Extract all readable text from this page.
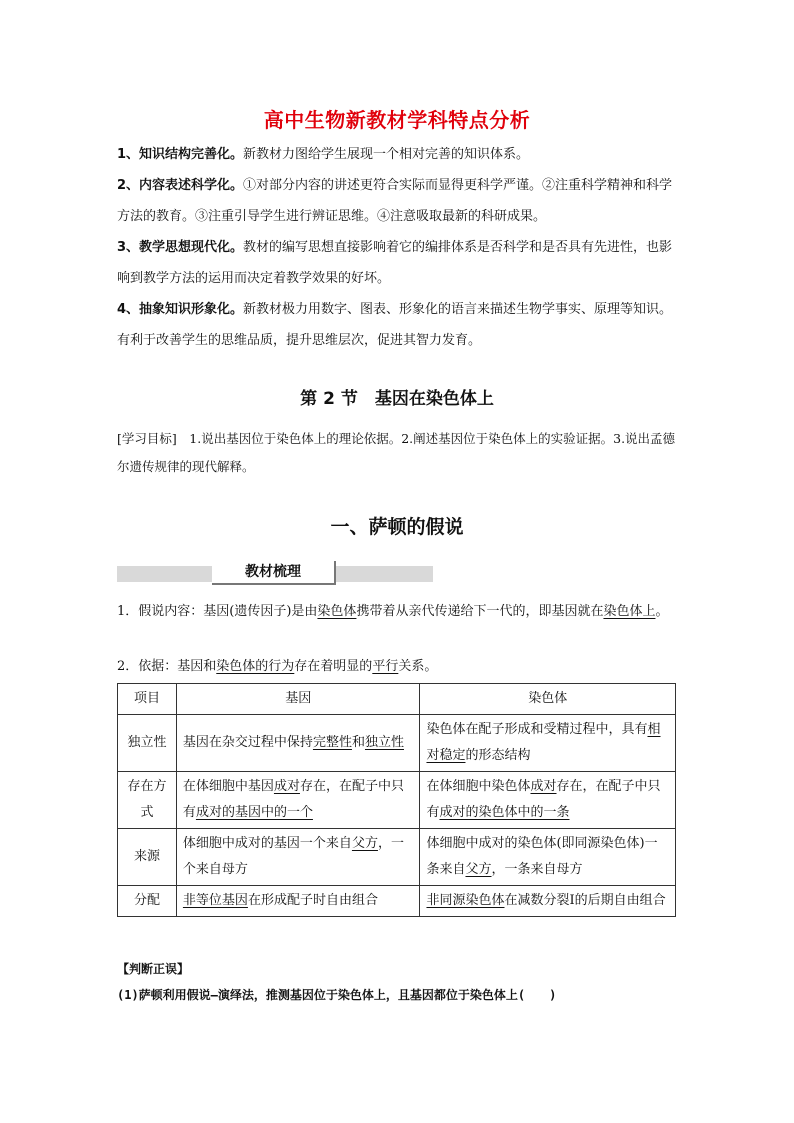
高中生物新教材学科特点分析
1、知识结构完善化。新教材力图给学生展现一个相对完善的知识体系。
2、内容表述科学化。①对部分内容的讲述更符合实际而显得更科学严谨。②注重科学精神和科学方法的教育。③注重引导学生进行辨证思维。④注意吸取最新的科研成果。
3、教学思想现代化。教材的编写思想直接影响着它的编排体系是否科学和是否具有先进性，也影响到教学方法的运用而决定着教学效果的好坏。
4、抽象知识形象化。新教材极力用数字、图表、形象化的语言来描述生物学事实、原理等知识。有利于改善学生的思维品质，提升思维层次，促进其智力发育。
第 2 节　基因在染色体上
[学习目标]　 1.说出基因位于染色体上的理论依据。2.阐述基因位于染色体上的实验证据。3.说出孟德尔遗传规律的现代解释。
一、萨顿的假说
教材梳理
1．假说内容：基因(遗传因子)是由染色体携带着从亲代传递给下一代的，即基因就在染色体上。
2．依据：基因和染色体的行为存在着明显的平行关系。
项目	基因	染色体
独立性	基因在杂交过程中保持完整性和独立性	染色体在配子形成和受精过程中，具有相对稳定的形态结构
存在方式	在体细胞中基因成对存在，在配子中只有成对的基因中的一个	在体细胞中染色体成对存在，在配子中只有成对的染色体中的一条
来源	体细胞中成对的基因一个来自父方，一个来自母方	体细胞中成对的染色体(即同源染色体)一条来自父方，一条来自母方
分配	非等位基因在形成配子时自由组合	非同源染色体在减数分裂Ⅰ的后期自由组合
【判断正误】
(1)萨顿利用假说—演绎法，推测基因位于染色体上，且基因都位于染色体上(　　)
